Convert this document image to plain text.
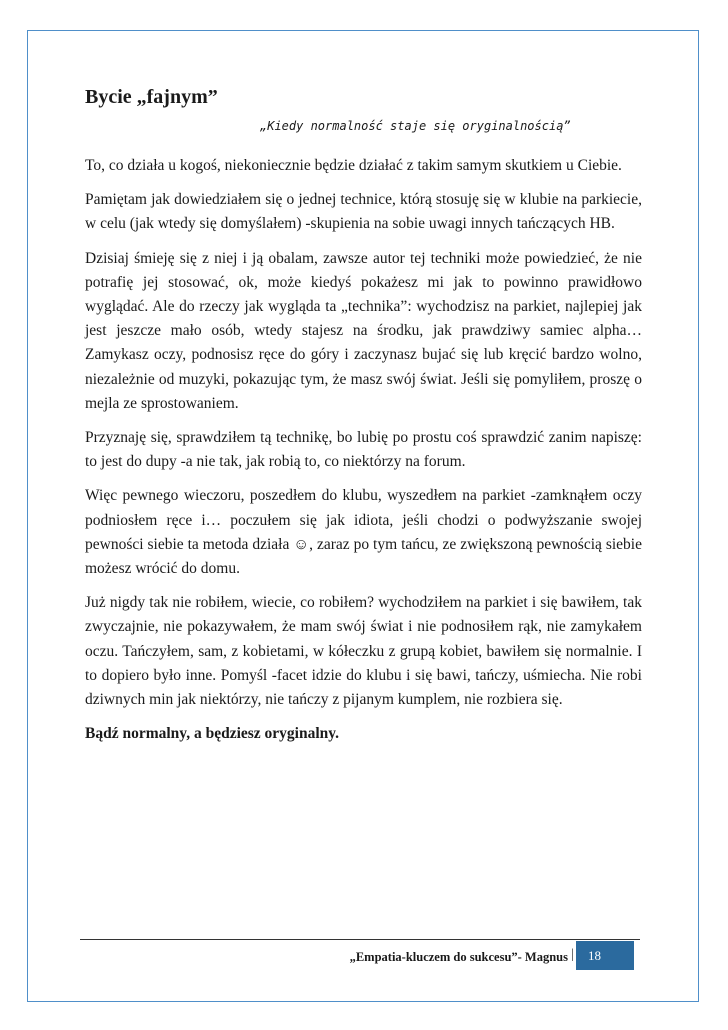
Bycie „fajnym”
„Kiedy normalność staje się oryginalnością”

To, co działa u kogoś, niekoniecznie będzie działać z takim samym skutkiem u Ciebie.

Pamiętam jak dowiedziałem się o jednej technice, którą stosuję się w klubie na parkiecie, w celu (jak wtedy się domyślałem) -skupienia na sobie uwagi innych tańczących HB.

Dzisiaj śmieję się z niej i ją obalam, zawsze autor tej techniki może powiedzieć, że nie potrafię jej stosować, ok, może kiedyś pokażesz mi jak to powinno prawidłowo wyglądać. Ale do rzeczy jak wygląda ta „technika”: wychodzisz na parkiet, najlepiej jak jest jeszcze mało osób, wtedy stajesz na środku, jak prawdziwy samiec alpha… Zamykasz oczy, podnosisz ręce do góry i zaczynasz bujać się lub kręcić bardzo wolno, niezależnie od muzyki, pokazując tym, że masz swój świat. Jeśli się pomyliłem, proszę o mejla ze sprostowaniem.

Przyznaję się, sprawdziłem tą technikę, bo lubię po prostu coś sprawdzić zanim napiszę: to jest do dupy -a nie tak, jak robią to, co niektórzy na forum.

Więc pewnego wieczoru, poszedłem do klubu, wyszedłem na parkiet -zamknąłem oczy podniosłem ręce i… poczułem się jak idiota, jeśli chodzi o podwyższanie swojej pewności siebie ta metoda działa ☺, zaraz po tym tańcu, ze zwiększoną pewnością siebie możesz wrócić do domu.

Już nigdy tak nie robiłem, wiecie, co robiłem? wychodziłem na parkiet i się bawiłem, tak zwyczajnie, nie pokazywałem, że mam swój świat i nie podnosiłem rąk, nie zamykałem oczu. Tańczyłem, sam, z kobietami, w kółeczku z grupą kobiet, bawiłem się normalnie. I to dopiero było inne. Pomyśl -facet idzie do klubu i się bawi, tańczy, uśmiecha. Nie robi dziwnych min jak niektórzy, nie tańczy z pijanym kumplem, nie rozbiera się.

Bądź normalny, a będziesz oryginalny.

„Empatia-kluczem do sukcesu”- Magnus |	18
